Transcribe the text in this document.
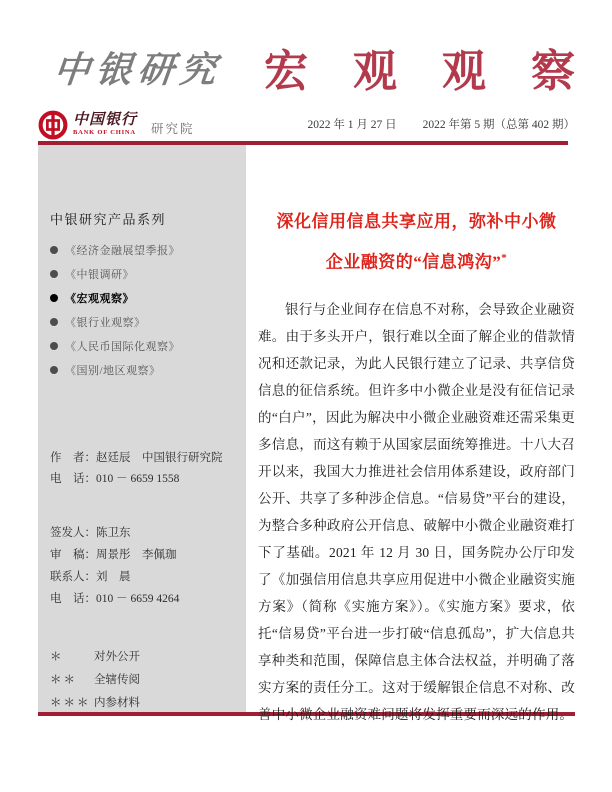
中银研究 宏 观 观 察
中国银行
BANK OF CHINA 研究院	2022 年 1 月 27 日 2022 年第 5 期（总第 402 期）
中银研究产品系列
《经济金融展望季报》
《中银调研》
《宏观观察》
《银行业观察》
《人民币国际化观察》
《国别/地区观察》
作　者：赵廷辰　中国银行研究院
电　话：010 － 6659 1558
签发人：陈卫东
审　稿：周景彤　李佩珈
联系人：刘　晨
电　话：010 － 6659 4264
＊	对外公开
＊＊	全辖传阅
＊＊＊ 内参材料
深化信用信息共享应用，弥补中小微
企业融资的“信息鸿沟”*

银行与企业间存在信息不对称，会导致企业融资难。由于多头开户，银行难以全面了解企业的借款情况和还款记录，为此人民银行建立了记录、共享信贷信息的征信系统。但许多中小微企业是没有征信记录的“白户”，因此为解决中小微企业融资难还需采集更多信息，而这有赖于从国家层面统筹推进。十八大召开以来，我国大力推进社会信用体系建设，政府部门公开、共享了多种涉企信息。“信易贷”平台的建设，为整合多种政府公开信息、破解中小微企业融资难打下了基础。2021 年 12 月 30 日，国务院办公厅印发了《加强信用信息共享应用促进中小微企业融资实施方案》（简称《实施方案》）。《实施方案》要求，依托“信易贷”平台进一步打破“信息孤岛”，扩大信息共享种类和范围，保障信息主体合法权益，并明确了落实方案的责任分工。这对于缓解银企信息不对称、改善中小微企业融资难问题将发挥重要而深远的作用。
